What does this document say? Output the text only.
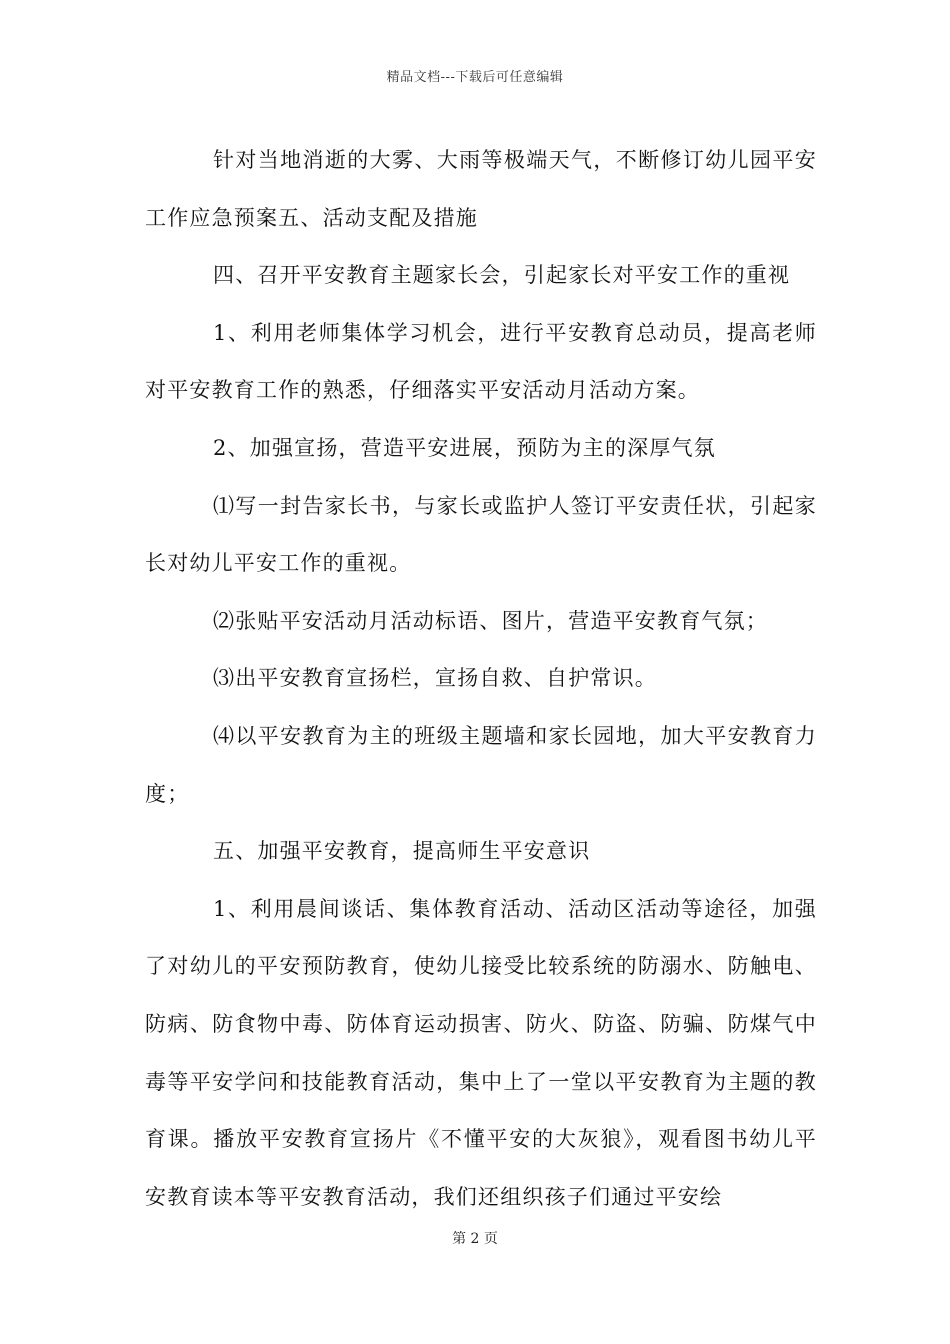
精品文档---下载后可任意编辑

针对当地消逝的大雾、大雨等极端天气，不断修订幼儿园平安工作应急预案五、活动支配及措施

四、召开平安教育主题家长会，引起家长对平安工作的重视

1、利用老师集体学习机会，进行平安教育总动员，提高老师对平安教育工作的熟悉，仔细落实平安活动月活动方案。

2、加强宣扬，营造平安进展，预防为主的深厚气氛

⑴写一封告家长书，与家长或监护人签订平安责任状，引起家长对幼儿平安工作的重视。

⑵张贴平安活动月活动标语、图片，营造平安教育气氛；

⑶出平安教育宣扬栏，宣扬自救、自护常识。

⑷以平安教育为主的班级主题墙和家长园地，加大平安教育力度；

五、加强平安教育，提高师生平安意识

1、利用晨间谈话、集体教育活动、活动区活动等途径，加强了对幼儿的平安预防教育，使幼儿接受比较系统的防溺水、防触电、防病、防食物中毒、防体育运动损害、防火、防盗、防骗、防煤气中毒等平安学问和技能教育活动，集中上了一堂以平安教育为主题的教育课。播放平安教育宣扬片《不懂平安的大灰狼》，观看图书幼儿平安教育读本等平安教育活动，我们还组织孩子们通过平安绘

第 2 页
